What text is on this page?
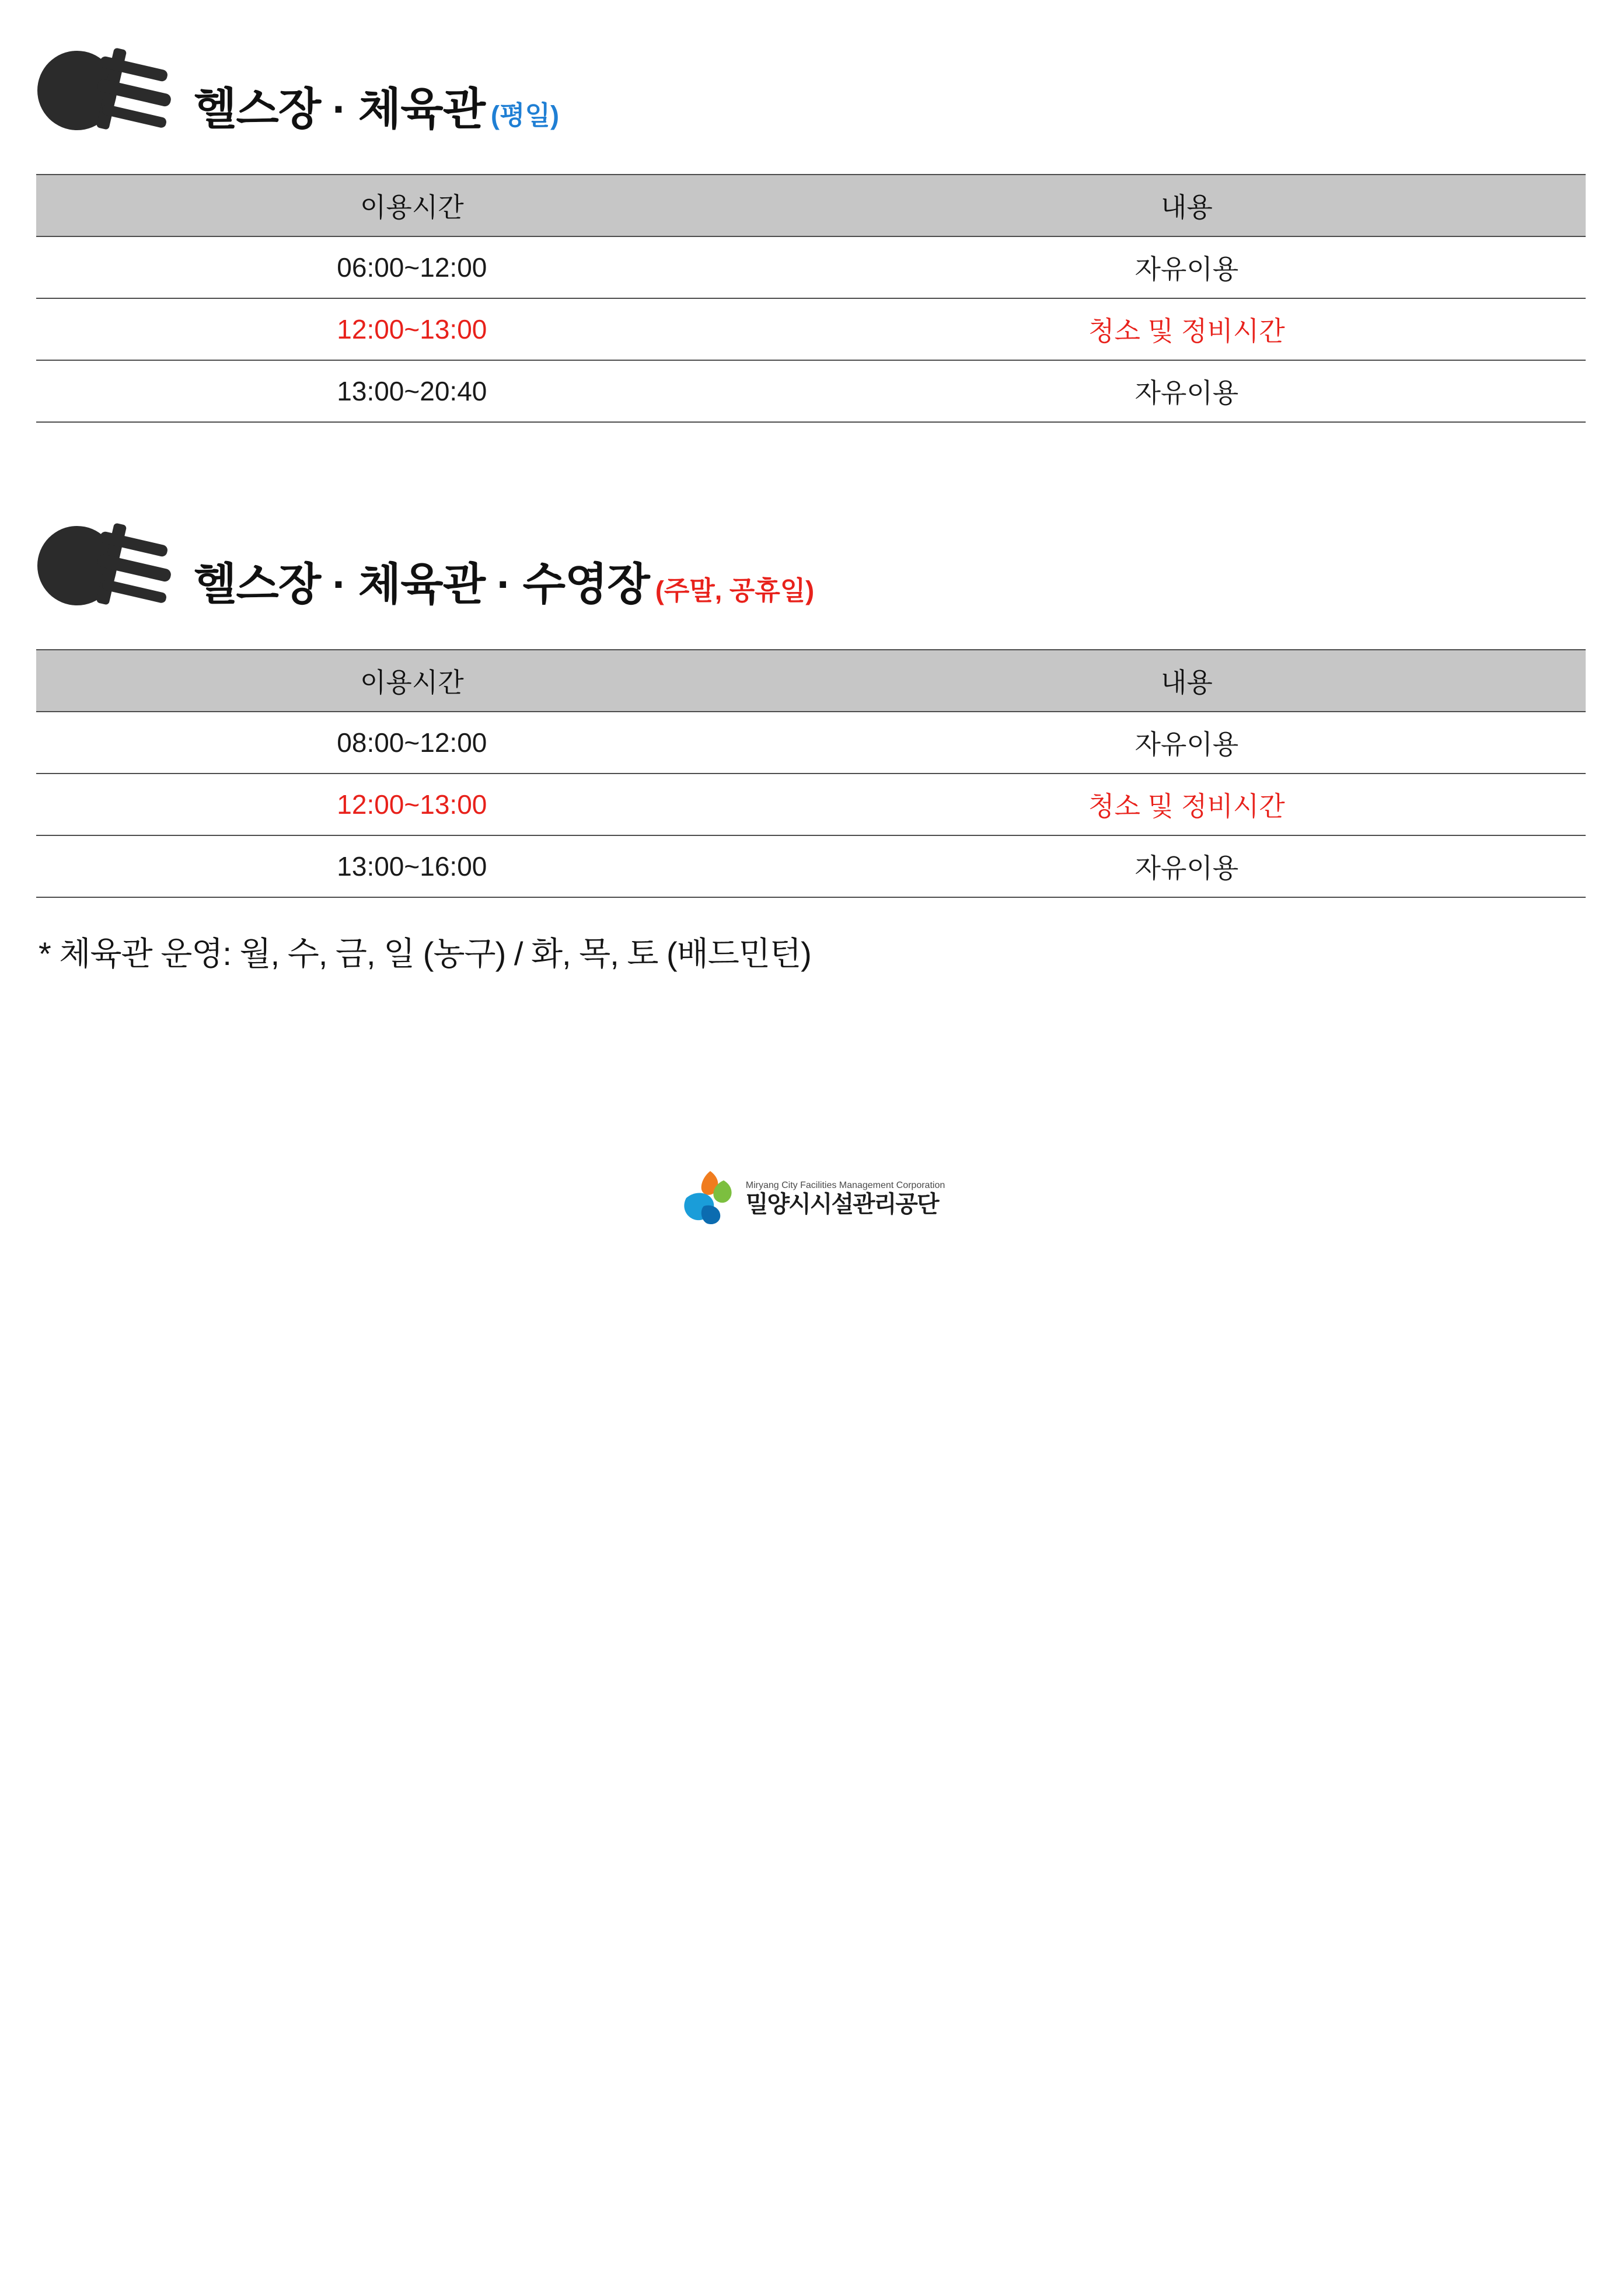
헬스장 · 체육관 (평일)
이용시간	내용
06:00~12:00	자유이용
12:00~13:00	청소 및 정비시간
13:00~20:40	자유이용
헬스장 · 체육관 · 수영장 (주말, 공휴일)
이용시간	내용
08:00~12:00	자유이용
12:00~13:00	청소 및 정비시간
13:00~16:00	자유이용

* 체육관 운영: 월, 수, 금, 일 (농구) / 화, 목, 토 (배드민턴)

Miryang City Facilities Management Corporation
밀양시시설관리공단
